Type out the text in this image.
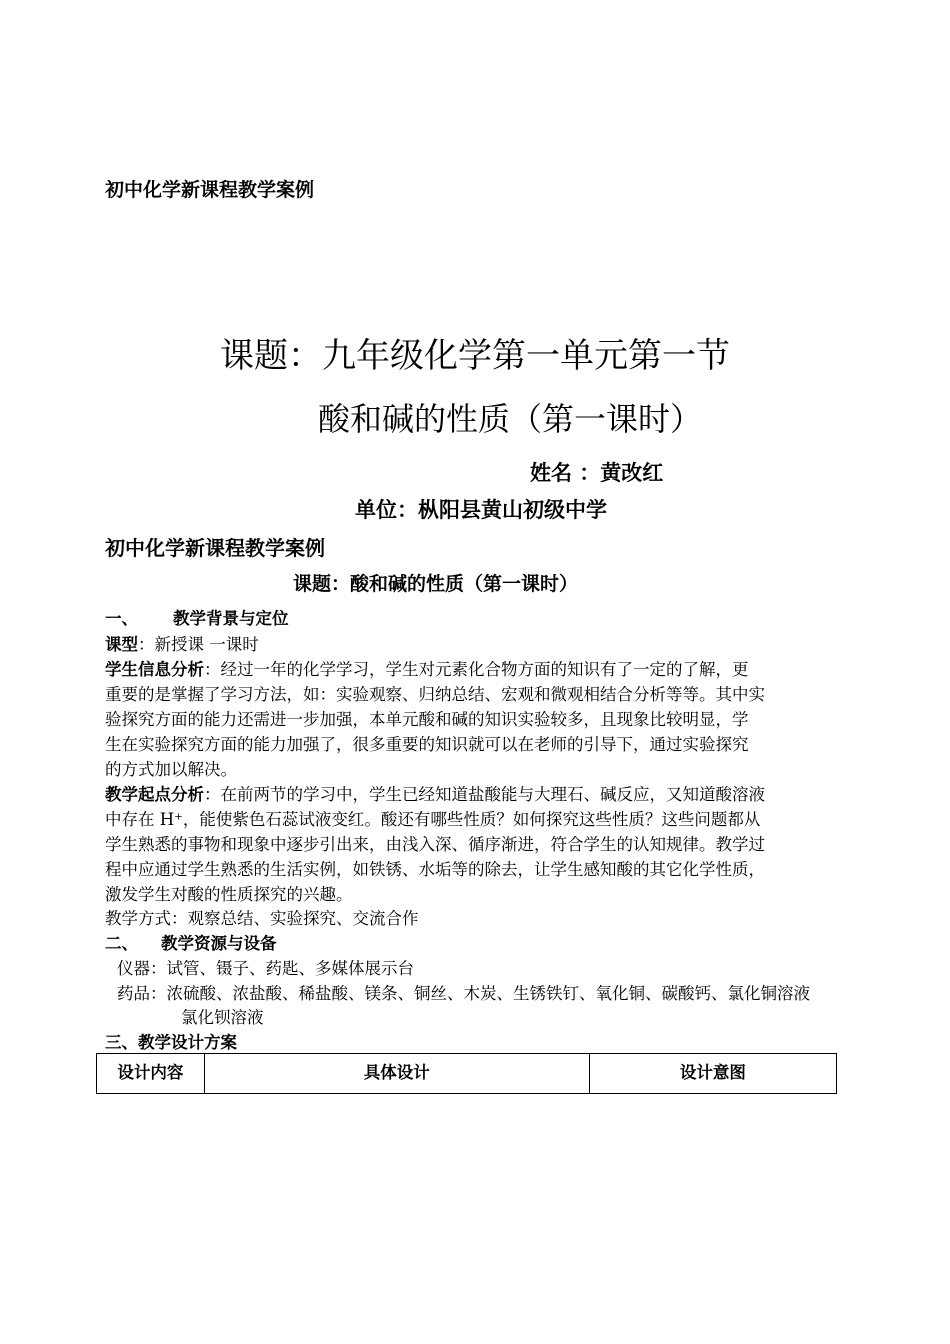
初中化学新课程教学案例
课题：九年级化学第一单元第一节
酸和碱的性质（第一课时）
姓名 ：黄改红
单位：枞阳县黄山初级中学
初中化学新课程教学案例
课题：酸和碱的性质（第一课时）
一、 教学背景与定位
课型：新授课 一课时
学生信息分析：经过一年的化学学习，学生对元素化合物方面的知识有了一定的了解，更
重要的是掌握了学习方法，如：实验观察、归纳总结、宏观和微观相结合分析等等。其中实
验探究方面的能力还需进一步加强，本单元酸和碱的知识实验较多，且现象比较明显，学
生在实验探究方面的能力加强了，很多重要的知识就可以在老师的引导下，通过实验探究
的方式加以解决。
教学起点分析：在前两节的学习中，学生已经知道盐酸能与大理石、碱反应，又知道酸溶液
中存在 H⁺，能使紫色石蕊试液变红。酸还有哪些性质？如何探究这些性质？这些问题都从
学生熟悉的事物和现象中逐步引出来，由浅入深、循序渐进，符合学生的认知规律。教学过
程中应通过学生熟悉的生活实例，如铁锈、水垢等的除去，让学生感知酸的其它化学性质，
激发学生对酸的性质探究的兴趣。
教学方式：观察总结、实验探究、交流合作
二、 教学资源与设备
仪器：试管、镊子、药匙、多媒体展示台
药品：浓硫酸、浓盐酸、稀盐酸、镁条、铜丝、木炭、生锈铁钉、氧化铜、碳酸钙、氯化铜溶液
氯化钡溶液
三、教学设计方案
设计内容	具体设计	设计意图
